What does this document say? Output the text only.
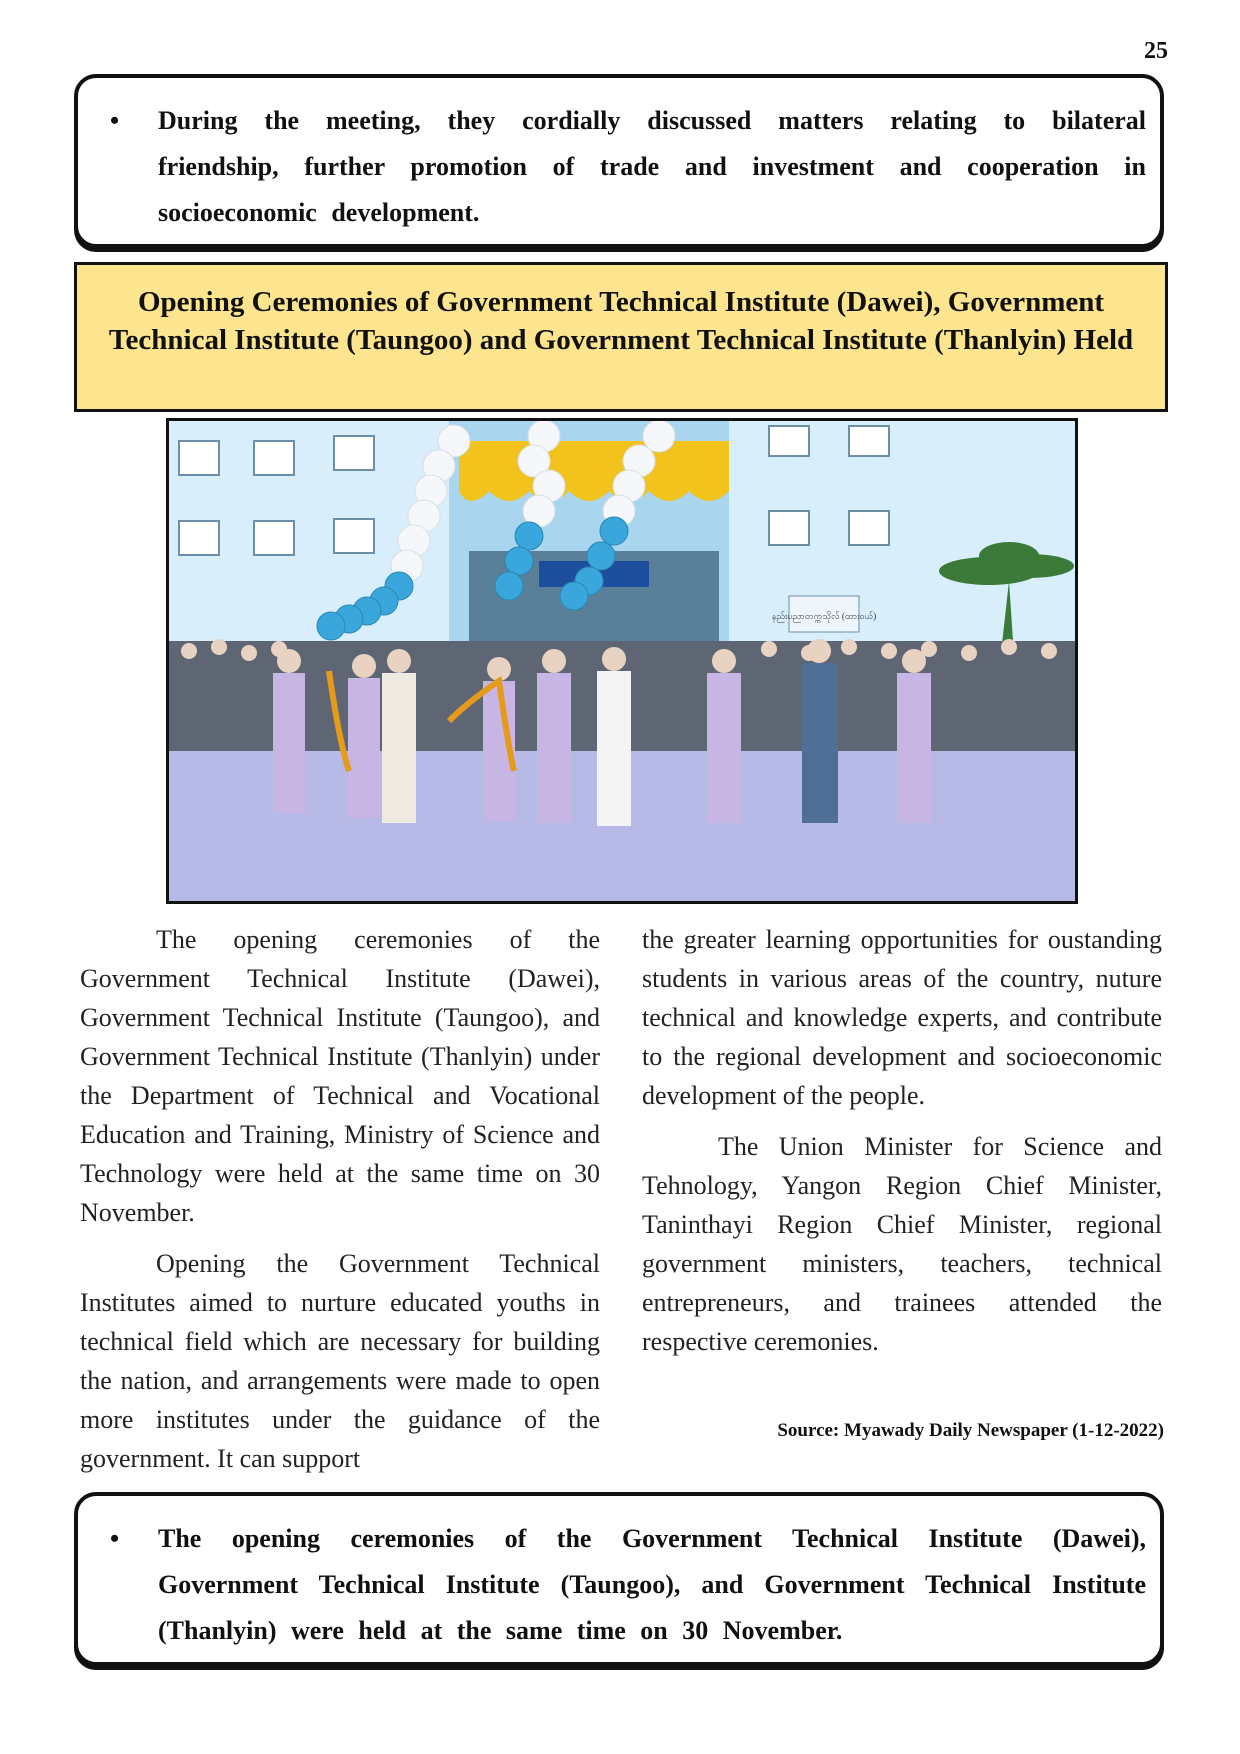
25
• During the meeting, they cordially discussed matters relating to bilateral friendship, further promotion of trade and investment and cooperation in socioeconomic development.
Opening Ceremonies of Government Technical Institute (Dawei), Government Technical Institute (Taungoo) and Government Technical Institute (Thanlyin) Held
နည်းပညာတက္ကသိုလ် (ထားဝယ်)

The opening ceremonies of the Government Technical Institute (Dawei), Government Technical Institute (Taungoo), and Government Technical Institute (Thanlyin) under the Department of Technical and Vocational Education and Training, Ministry of Science and Technology were held at the same time on 30 November.

Opening the Government Technical Institutes aimed to nurture educated youths in technical field which are necessary for building the nation, and arrangements were made to open more institutes under the guidance of the government. It can support

the greater learning opportunities for oustanding students in various areas of the country, nuture technical and knowledge experts, and contribute to the regional development and socioeconomic development of the people.

The Union Minister for Science and Tehnology, Yangon Region Chief Minister, Taninthayi Region Chief Minister, regional government ministers, teachers, technical entrepreneurs, and trainees attended the respective ceremonies.

Source: Myawady Daily Newspaper (1-12-2022)
• The opening ceremonies of the Government Technical Institute (Dawei), Government Technical Institute (Taungoo), and Government Technical Institute (Thanlyin) were held at the same time on 30 November.
